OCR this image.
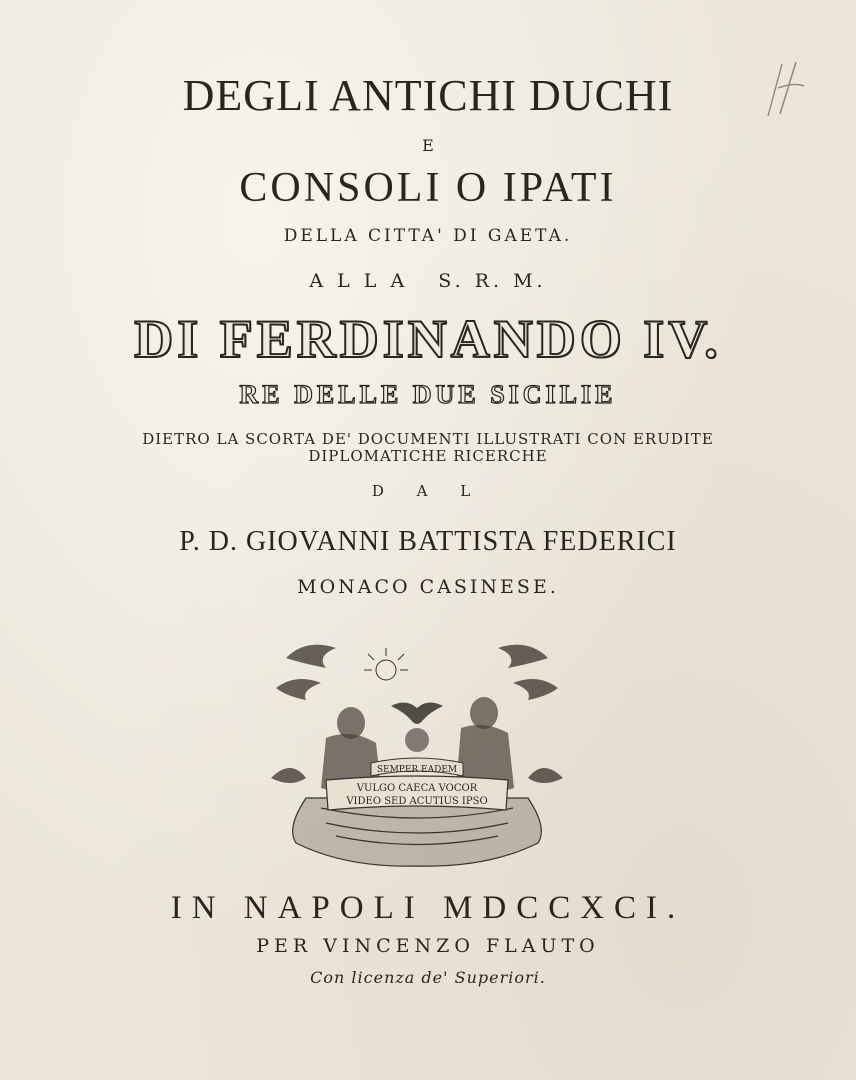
DEGLI ANTICHI DUCHI
E
CONSOLI O IPATI
DELLA CITTA' DI GAETA.
A L L A   S. R. M.
DI FERDINANDO IV.
RE DELLE DUE SICILIE
DIETRO LA SCORTA DE' DOCUMENTI ILLUSTRATI CON ERUDITE
DIPLOMATICHE RICERCHE
D A L
P. D. GIOVANNI BATTISTA FEDERICI
MONACO CASINESE.
SEMPER EADEM
VULGO CAECA VOCOR
VIDEO SED ACUTIUS IPSO
IN NAPOLI MDCCXCI.
PER VINCENZO FLAUTO
Con licenza de' Superiori.
